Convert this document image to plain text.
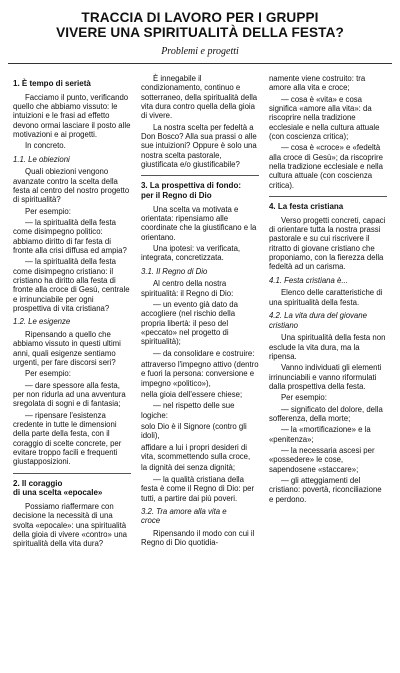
TRACCIA DI LAVORO PER I GRUPPI
VIVERE UNA SPIRITUALITÀ DELLA FESTA?
Problemi e progetti
1. È tempo di serietà

Facciamo il punto, verificando quello che abbiamo vissuto: le intuizioni e le frasi ad effetto devono ormai lasciare il posto alle motivazioni e ai progetti.

In concreto.

1.1. Le obiezioni

Quali obiezioni vengono avanzate contro la scelta della festa al centro del nostro progetto di spiritualità?

Per esempio:

— la spiritualità della festa come disimpegno politico: abbiamo diritto di far festa di fronte alla crisi diffusa ed ampia?

— la spiritualità della festa come disimpegno cristiano: il cristiano ha diritto alla festa di fronte alla croce di Gesù, centrale e irrinunciabile per ogni prospettiva di vita cristiana?

1.2. Le esigenze

Ripensando a quello che abbiamo vissuto in questi ultimi anni, quali esigenze sentiamo urgenti, per fare discorsi seri?

Per esempio:

— dare spessore alla festa, per non ridurla ad una avventura sregolata di sogni e di fantasia;

— ripensare l'esistenza credente in tutte le dimensioni della parte della festa, con il coraggio di scelte concrete, per evitare troppo facili e frequenti giustapposizioni.

2. Il coraggio
di una scelta «epocale»

Possiamo riaffermare con decisione la necessità di una svolta «epocale»: una spiritualità della gioia di vivere «contro» una spiritualità della vita dura?

È innegabile il condizionamento, continuo e sotterraneo, della spiritualità della vita dura contro quella della gioia di vivere.

La nostra scelta per fedeltà a Don Bosco? Alla sua prassi o alle sue intuizioni? Oppure è solo una nostra scelta pastorale, giustificata e/o giustificabile?

3. La prospettiva di fondo:
per il Regno di Dio

Una scelta va motivata e orientata: ripensiamo alle coordinate che la giustificano e la orientano.

Una ipotesi: va verificata, integrata, concretizzata.

3.1. Il Regno di Dio

Al centro della nostra spiritualità: il Regno di Dio:

— un evento già dato da accogliere (nel rischio della propria libertà: il peso del «peccato» nel progetto di spiritualità);

— da consolidare e costruire:

attraverso l'impegno attivo (dentro e fuori la persona: conversione e impegno «politico»),

nella gioia dell'essere chiese;

— nel rispetto delle sue logiche:

solo Dio è il Signore (contro gli idoli),

affidare a lui i propri desideri di vita, scommettendo sulla croce,

la dignità dei senza dignità;

— la qualità cristiana della festa è come il Regno di Dio: per tutti, a partire dai più poveri.

3.2. Tra amore alla vita e
croce

Ripensando il modo con cui il Regno di Dio quotidia-

namente viene costruito: tra amore alla vita e croce;

— cosa è «vita» e cosa significa «amore alla vita»: da riscoprire nella tradizione ecclesiale e nella cultura attuale (con coscienza critica);

— cosa è «croce» e «fedeltà alla croce di Gesù»; da riscoprire nella tradizione ecclesiale e nella cultura attuale (con coscienza critica).

4. La festa cristiana

Verso progetti concreti, capaci di orientare tutta la nostra prassi pastorale e su cui riscrivere il ritratto di giovane cristiano che proponiamo, con la fierezza della fedeltà ad un carisma.

4.1. Festa cristiana è...

Elenco delle caratteristiche di una spiritualità della festa.

4.2. La vita dura del giovane
cristiano

Una spiritualità della festa non esclude la vita dura, ma la ripensa.

Vanno individuati gli elementi irrinunciabili e vanno riformulati dalla prospettiva della festa.

Per esempio:

— significato del dolore, della sofferenza, della morte;

— la «mortificazione» e la «penitenza»;

— la necessaria ascesi per «possedere» le cose, sapendosene «staccare»;

— gli atteggiamenti del cristiano: povertà, riconciliazione e perdono.
